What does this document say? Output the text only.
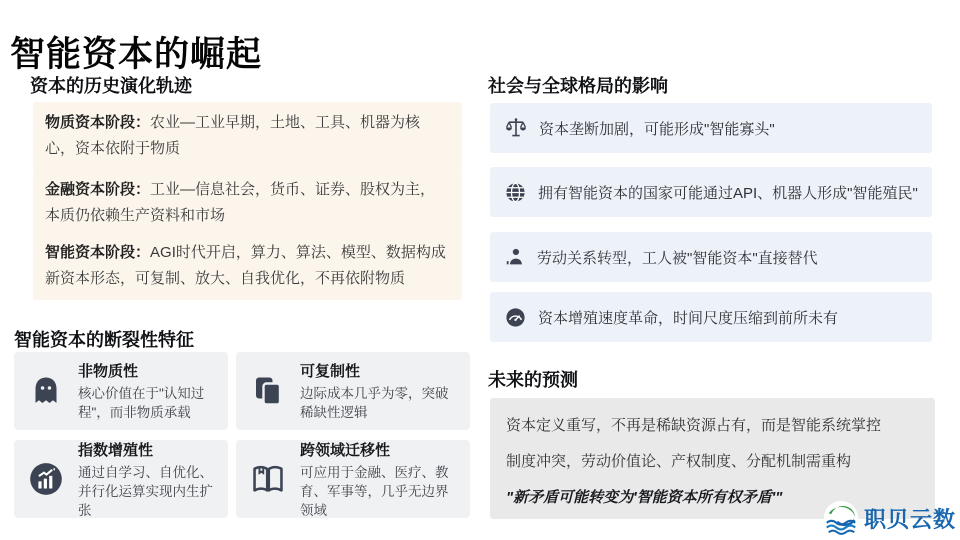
智能资本的崛起
资本的历史演化轨迹
物质资本阶段：农业—工业早期，土地、工具、机器为核心，资本依附于物质
金融资本阶段：工业—信息社会，货币、证券、股权为主，本质仍依赖生产资料和市场
智能资本阶段：AGI时代开启，算力、算法、模型、数据构成新资本形态，可复制、放大、自我优化，不再依附物质
智能资本的断裂性特征
非物质性
核心价值在于"认知过程"，而非物质承载
可复制性
边际成本几乎为零，突破稀缺性逻辑
指数增殖性
通过自学习、自优化、并行化运算实现内生扩张
跨领域迁移性
可应用于金融、医疗、教育、军事等，几乎无边界领域
社会与全球格局的影响
资本垄断加剧，可能形成"智能寡头"
拥有智能资本的国家可能通过API、机器人形成"智能殖民"
劳动关系转型，工人被"智能资本"直接替代
资本增殖速度革命，时间尺度压缩到前所未有
未来的预测
资本定义重写，不再是稀缺资源占有，而是智能系统掌控
制度冲突，劳动价值论、产权制度、分配机制需重构
"新矛盾可能转变为'智能资本所有权矛盾'"
职贝云数
